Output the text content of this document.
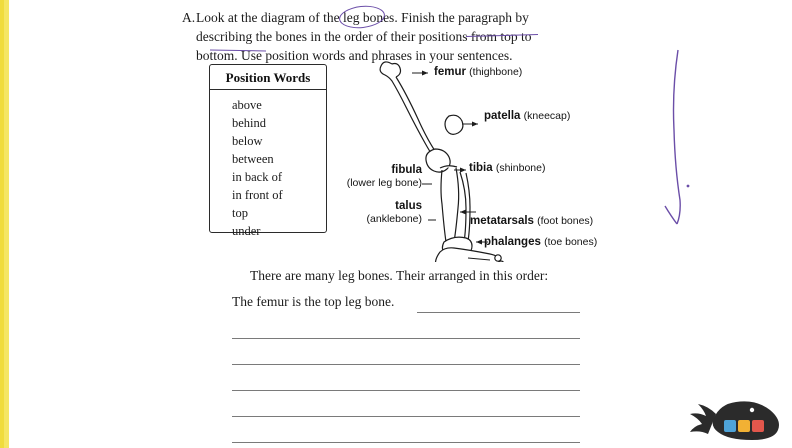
A. Look at the diagram of the leg bones. Finish the paragraph by

describing the bones in the order of their positions from top to

bottom. Use position words and phrases in your sentences.

Position Words
above
behind
below
between
in back of
in front of
top
under
femur (thighbone)
patella (kneecap)
tibia (shinbone)
fibula
(lower leg bone)
talus
(anklebone)	metatarsals (foot bones)
phalanges (toe bones)
There are many leg bones. Their arranged in this order:
The femur is the top leg bone.
